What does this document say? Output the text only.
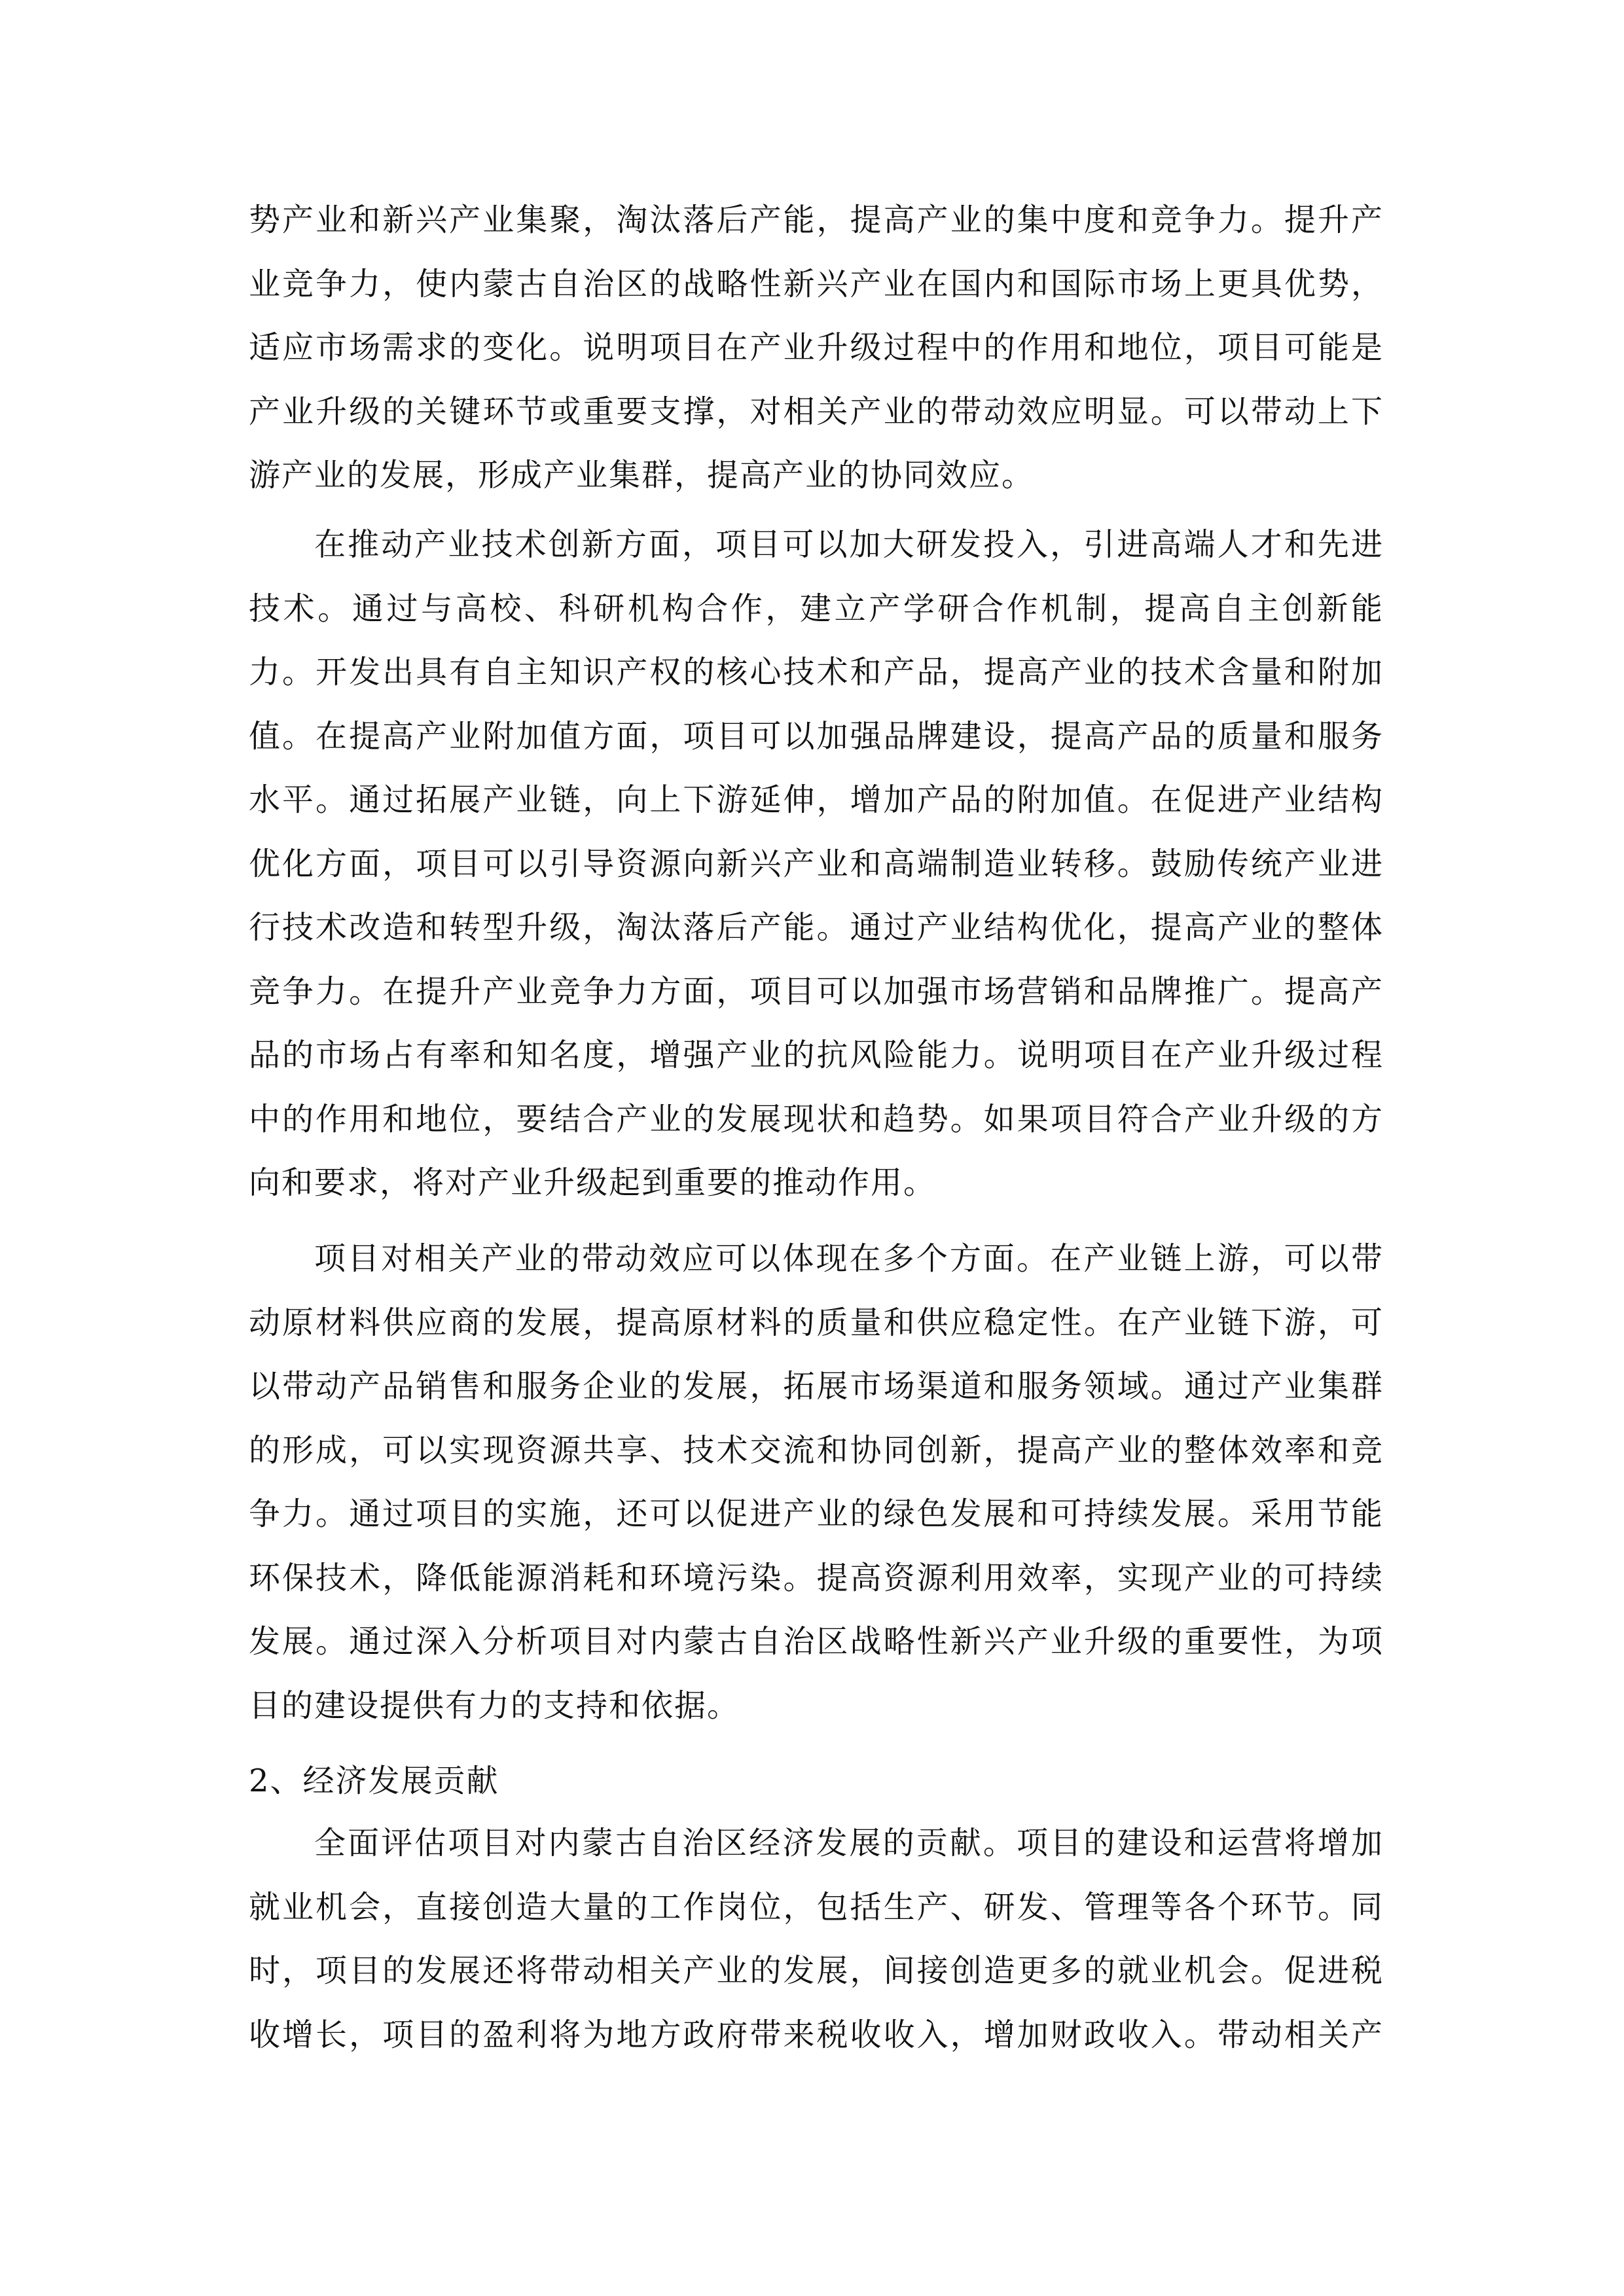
势产业和新兴产业集聚，淘汰落后产能，提高产业的集中度和竞争力。提升产
业竞争力，使内蒙古自治区的战略性新兴产业在国内和国际市场上更具优势，
适应市场需求的变化。说明项目在产业升级过程中的作用和地位，项目可能是
产业升级的关键环节或重要支撑，对相关产业的带动效应明显。可以带动上下
游产业的发展，形成产业集群，提高产业的协同效应。
在推动产业技术创新方面，项目可以加大研发投入，引进高端人才和先进
技术。通过与高校、科研机构合作，建立产学研合作机制，提高自主创新能
力。开发出具有自主知识产权的核心技术和产品，提高产业的技术含量和附加
值。在提高产业附加值方面，项目可以加强品牌建设，提高产品的质量和服务
水平。通过拓展产业链，向上下游延伸，增加产品的附加值。在促进产业结构
优化方面，项目可以引导资源向新兴产业和高端制造业转移。鼓励传统产业进
行技术改造和转型升级，淘汰落后产能。通过产业结构优化，提高产业的整体
竞争力。在提升产业竞争力方面，项目可以加强市场营销和品牌推广。提高产
品的市场占有率和知名度，增强产业的抗风险能力。说明项目在产业升级过程
中的作用和地位，要结合产业的发展现状和趋势。如果项目符合产业升级的方
向和要求，将对产业升级起到重要的推动作用。
项目对相关产业的带动效应可以体现在多个方面。在产业链上游，可以带
动原材料供应商的发展，提高原材料的质量和供应稳定性。在产业链下游，可
以带动产品销售和服务企业的发展，拓展市场渠道和服务领域。通过产业集群
的形成，可以实现资源共享、技术交流和协同创新，提高产业的整体效率和竞
争力。通过项目的实施，还可以促进产业的绿色发展和可持续发展。采用节能
环保技术，降低能源消耗和环境污染。提高资源利用效率，实现产业的可持续
发展。通过深入分析项目对内蒙古自治区战略性新兴产业升级的重要性，为项
目的建设提供有力的支持和依据。
2、经济发展贡献
全面评估项目对内蒙古自治区经济发展的贡献。项目的建设和运营将增加
就业机会，直接创造大量的工作岗位，包括生产、研发、管理等各个环节。同
时，项目的发展还将带动相关产业的发展，间接创造更多的就业机会。促进税
收增长，项目的盈利将为地方政府带来税收收入，增加财政收入。带动相关产
